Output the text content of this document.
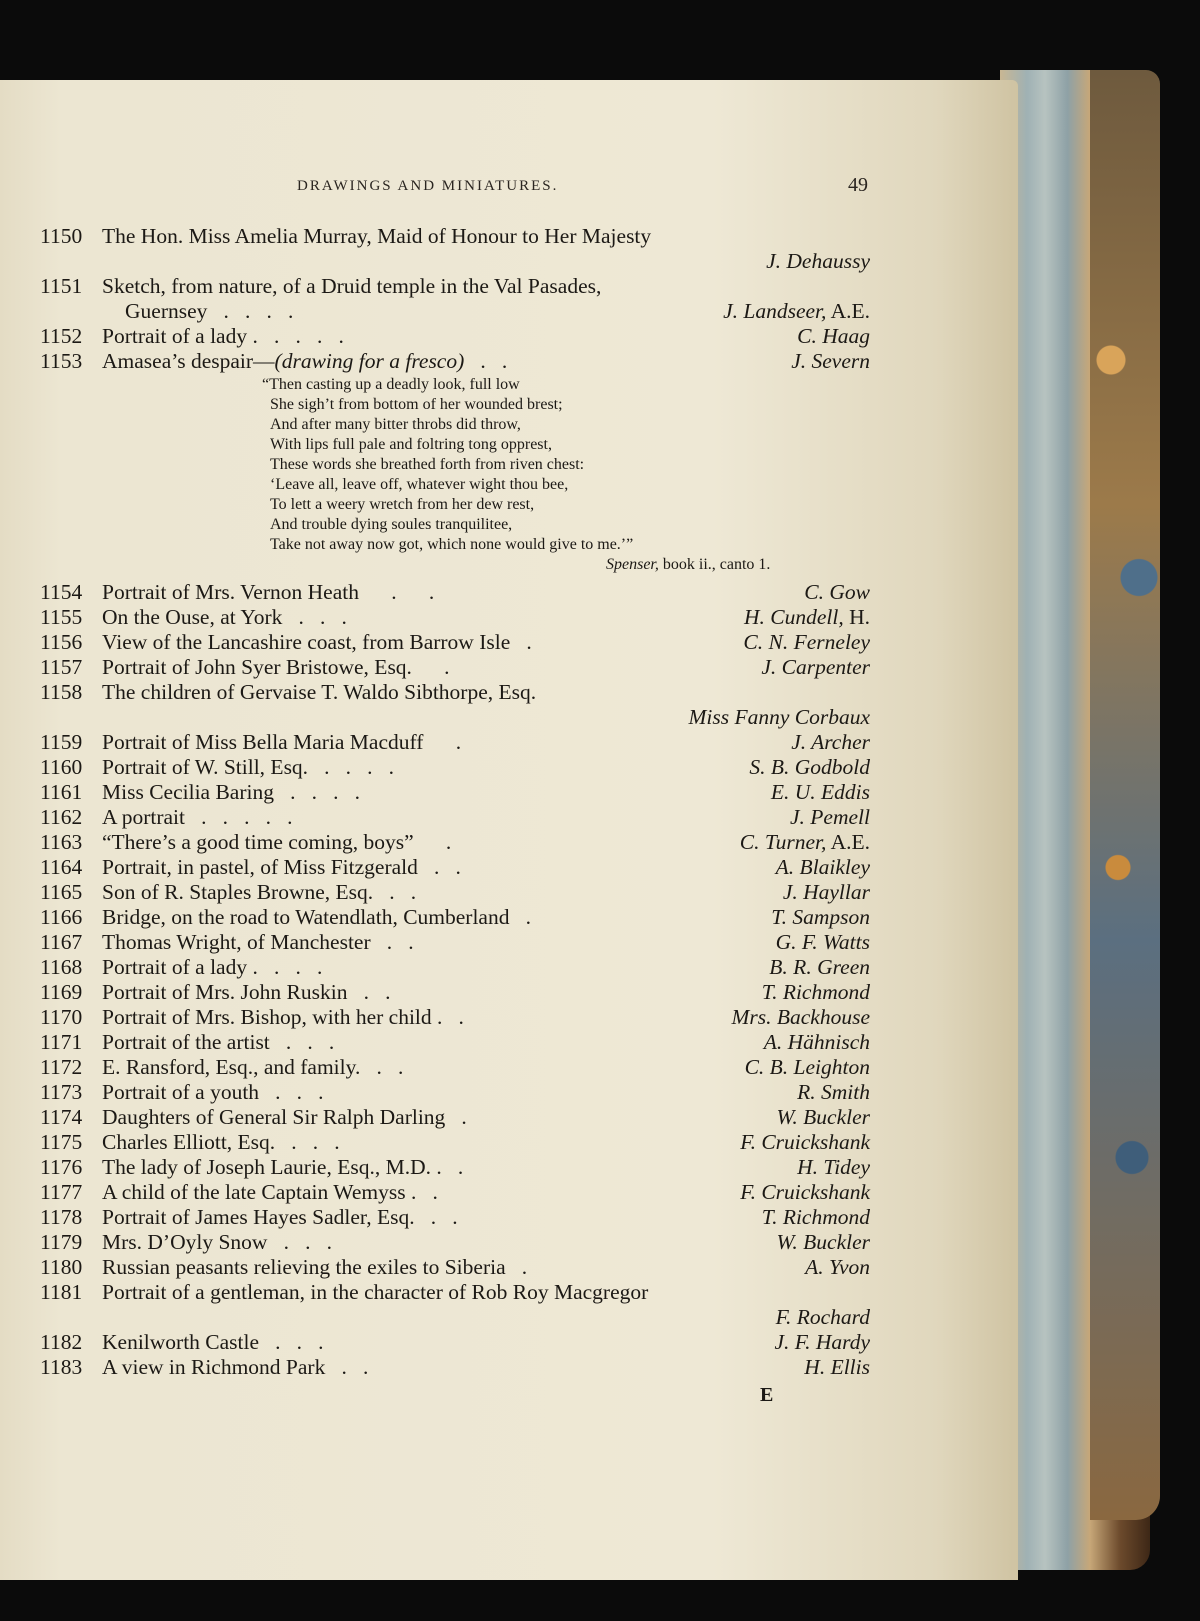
DRAWINGS AND MINIATURES.	49
1150 The Hon. Miss Amelia Murray, Maid of Honour to Her Majesty
J. Dehaussy
1151 Sketch, from nature, of a Druid temple in the Val Pasades,
Guernsey   .   .   .   .	J. Landseer, A.E.
1152 Portrait of a lady .   .   .   .   .	C. Haag
1153 Amasea’s despair—(drawing for a fresco)   .   .	J. Severn
“Then casting up a deadly look, full low
She sigh’t from bottom of her wounded brest;
And after many bitter throbs did throw,
With lips full pale and foltring tong opprest,
These words she breathed forth from riven chest:
‘Leave all, leave off, whatever wight thou bee,
To lett a weery wretch from her dew rest,
And trouble dying soules tranquilitee,
Take not away now got, which none would give to me.’”
Spenser, book ii., canto 1.
1154 Portrait of Mrs. Vernon Heath      .      .	C. Gow
1155 On the Ouse, at York   .   .   .	H. Cundell, H.
1156 View of the Lancashire coast, from Barrow Isle   .	C. N. Ferneley
1157 Portrait of John Syer Bristowe, Esq.      .	J. Carpenter
1158 The children of Gervaise T. Waldo Sibthorpe, Esq.
Miss Fanny Corbaux
1159 Portrait of Miss Bella Maria Macduff      .	J. Archer
1160 Portrait of W. Still, Esq.   .   .   .   .	S. B. Godbold
1161 Miss Cecilia Baring   .   .   .   .	E. U. Eddis
1162 A portrait   .   .   .   .   .	J. Pemell
1163 “There’s a good time coming, boys”      .	C. Turner, A.E.
1164 Portrait, in pastel, of Miss Fitzgerald   .   .	A. Blaikley
1165 Son of R. Staples Browne, Esq.   .   .	J. Hayllar
1166 Bridge, on the road to Watendlath, Cumberland   .	T. Sampson
1167 Thomas Wright, of Manchester   .   .	G. F. Watts
1168 Portrait of a lady .   .   .   .	B. R. Green
1169 Portrait of Mrs. John Ruskin   .   .	T. Richmond
1170 Portrait of Mrs. Bishop, with her child .   .	Mrs. Backhouse
1171 Portrait of the artist   .   .   .	A. Hähnisch
1172 E. Ransford, Esq., and family.   .   .	C. B. Leighton
1173 Portrait of a youth   .   .   .	R. Smith
1174 Daughters of General Sir Ralph Darling   .	W. Buckler
1175 Charles Elliott, Esq.   .   .   .	F. Cruickshank
1176 The lady of Joseph Laurie, Esq., M.D. .   .	H. Tidey
1177 A child of the late Captain Wemyss .   .	F. Cruickshank
1178 Portrait of James Hayes Sadler, Esq.   .   .	T. Richmond
1179 Mrs. D’Oyly Snow   .   .   .	W. Buckler
1180 Russian peasants relieving the exiles to Siberia   .	A. Yvon
1181 Portrait of a gentleman, in the character of Rob Roy Macgregor
F. Rochard
1182 Kenilworth Castle   .   .   .	J. F. Hardy
1183 A view in Richmond Park   .   .	H. Ellis
E
